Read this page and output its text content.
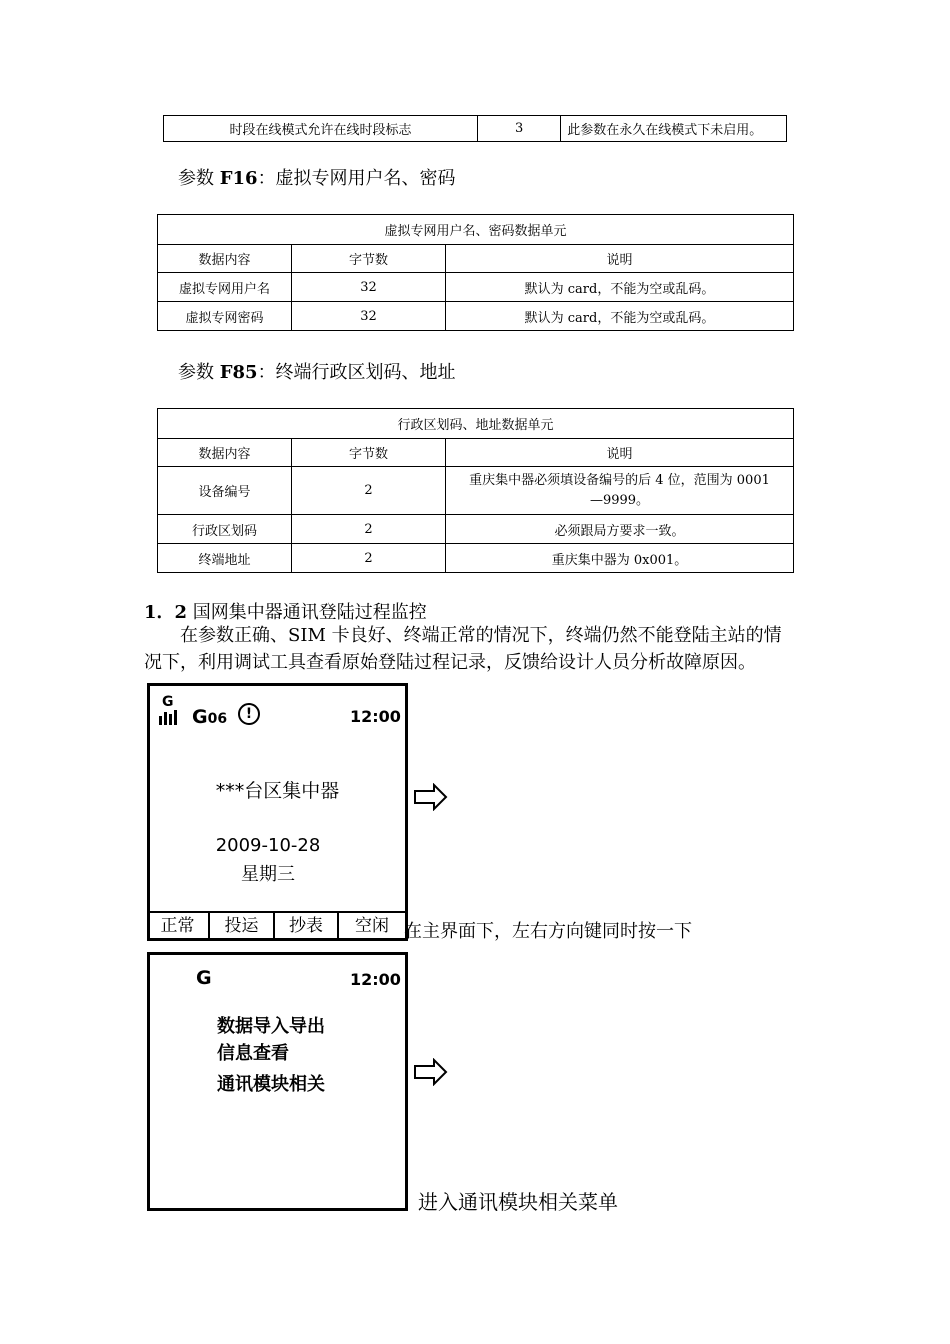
时段在线模式允许在线时段标志	3	此参数在永久在线模式下未启用。
参数 F16：虚拟专网用户名、密码
虚拟专网用户名、密码数据单元		
数据内容	字节数	说明
虚拟专网用户名	32	默认为 card，不能为空或乱码。
虚拟专网密码	32	默认为 card，不能为空或乱码。
参数 F85：终端行政区划码、地址
行政区划码、地址数据单元		
数据内容	字节数	说明
设备编号	2	重庆集中器必须填设备编号的后 4 位，范围为 0001
—9999。

行政区划码	2	必须跟局方要求一致。
终端地址	2	重庆集中器为 0x001。
1．2 国网集中器通讯登陆过程监控
在参数正确、SIM 卡良好、终端正常的情况下，终端仍然不能登陆主站的情
况下，利用调试工具查看原始登陆过程记录，反馈给设计人员分析故障原因。
G
G06	!	12:00
***台区集中器
2009-10-28
星期三
正常	投运	抄表	空闲 在主界面下，左右方向键同时按一下
G	12:00
数据导入导出
信息查看
通讯模块相关
进入通讯模块相关菜单
